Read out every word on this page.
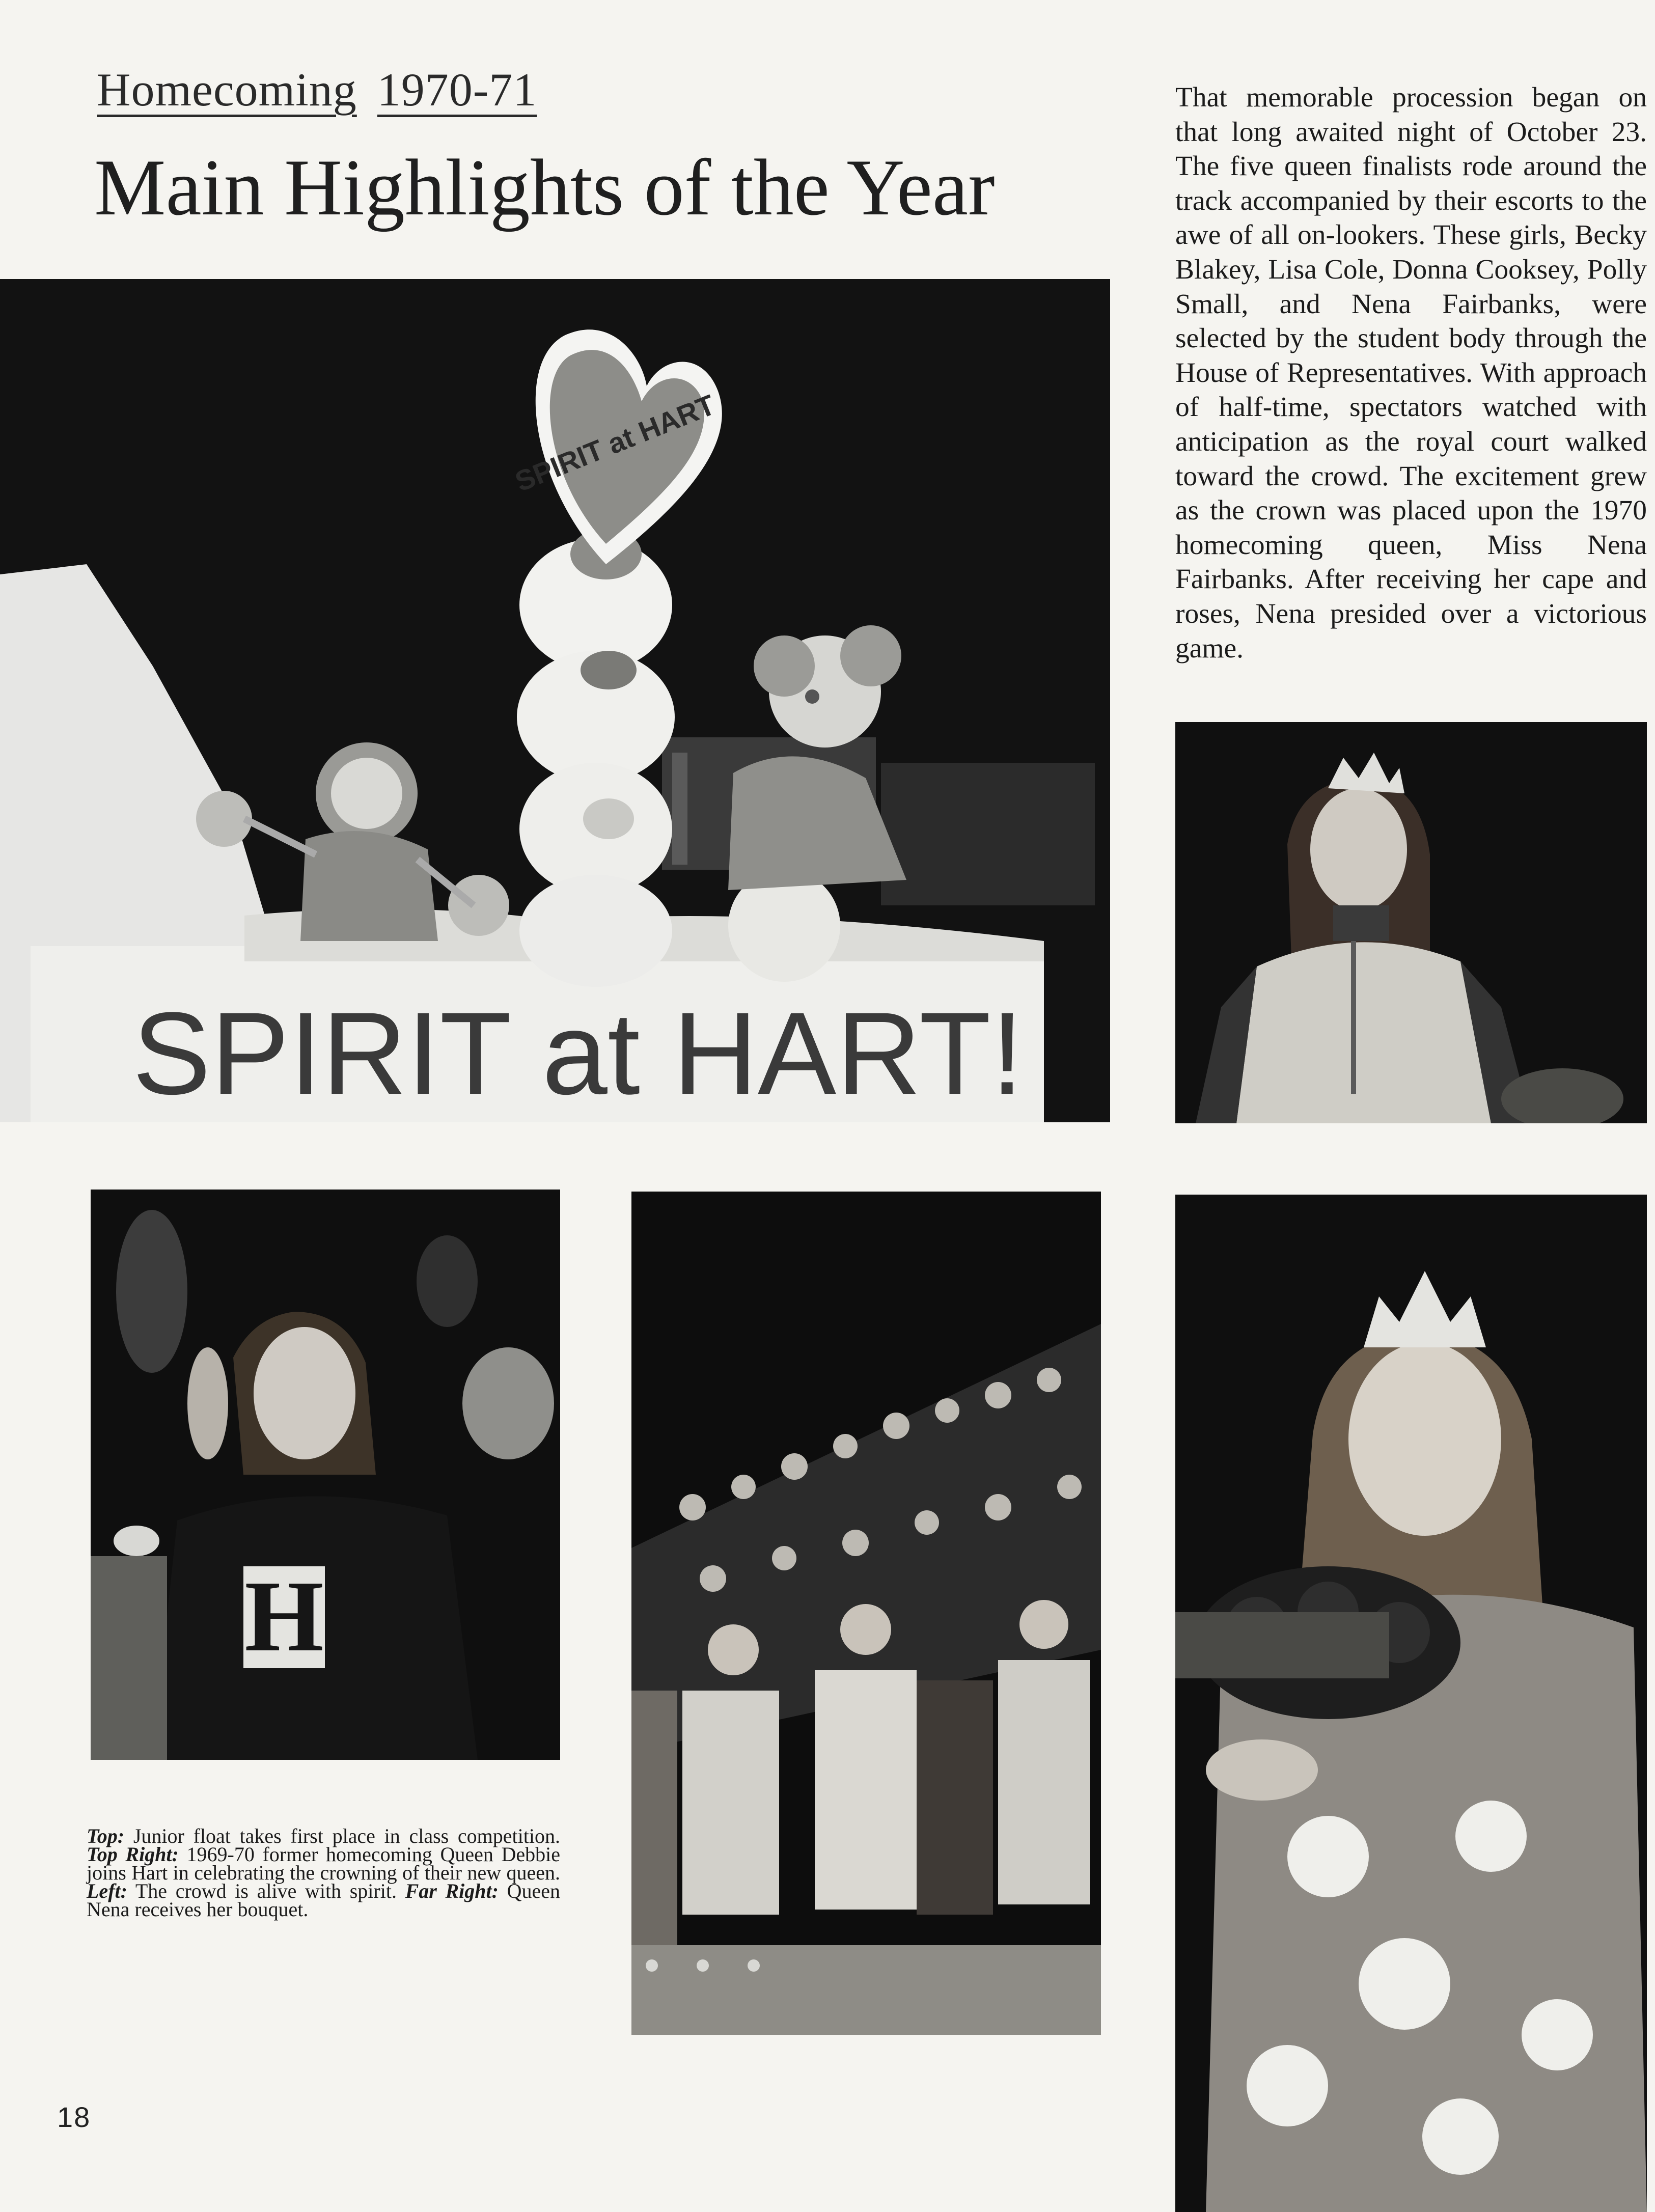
Homecoming 1970-71
Main Highlights of the Year
That memorable procession began on that long awaited night of October 23. The five queen finalists rode around the track accompanied by their escorts to the awe of all on-lookers. These girls, Becky Blakey, Lisa Cole, Donna Cooksey, Polly Small, and Nena Fairbanks, were selected by the student body through the House of Representatives. With approach of half-time, spectators watched with anticipation as the royal court walked toward the crowd. The excitement grew as the crown was placed upon the 1970 homecoming queen, Miss Nena Fairbanks. After receiving her cape and roses, Nena presided over a victorious game.
SPIRIT at HART
SPIRIT at HART!
H
Top: Junior float takes first place in class competition. Top Right: 1969-70 former homecoming Queen Debbie joins Hart in celebrating the crowning of their new queen. Left: The crowd is alive with spirit. Far Right: Queen Nena receives her bouquet.
18
